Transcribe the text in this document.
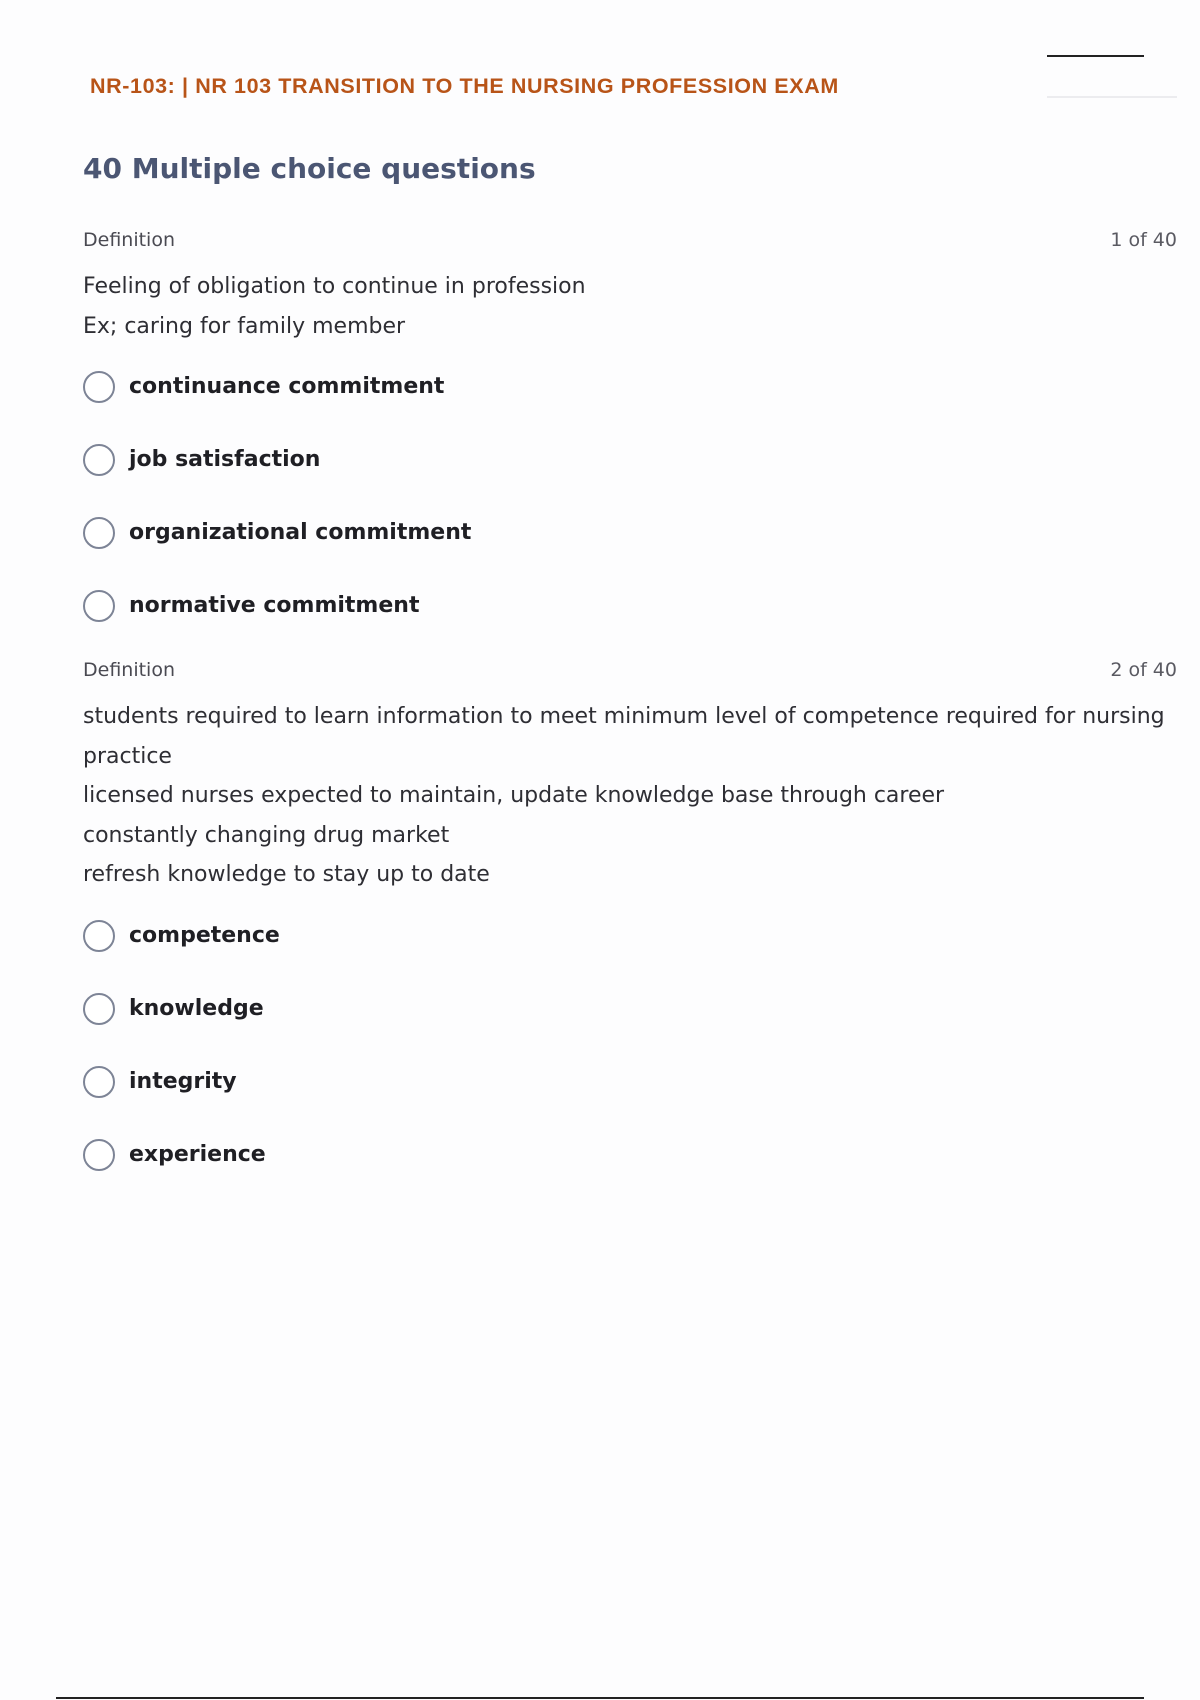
NR-103: | NR 103 TRANSITION TO THE NURSING PROFESSION EXAM
40 Multiple choice questions
Definition	1 of 40
Feeling of obligation to continue in profession
Ex; caring for family member
continuance commitment
job satisfaction
organizational commitment
normative commitment
Definition	2 of 40
students required to learn information to meet minimum level of competence required for nursing practice
licensed nurses expected to maintain, update knowledge base through career
constantly changing drug market
refresh knowledge to stay up to date
competence
knowledge
integrity
experience
